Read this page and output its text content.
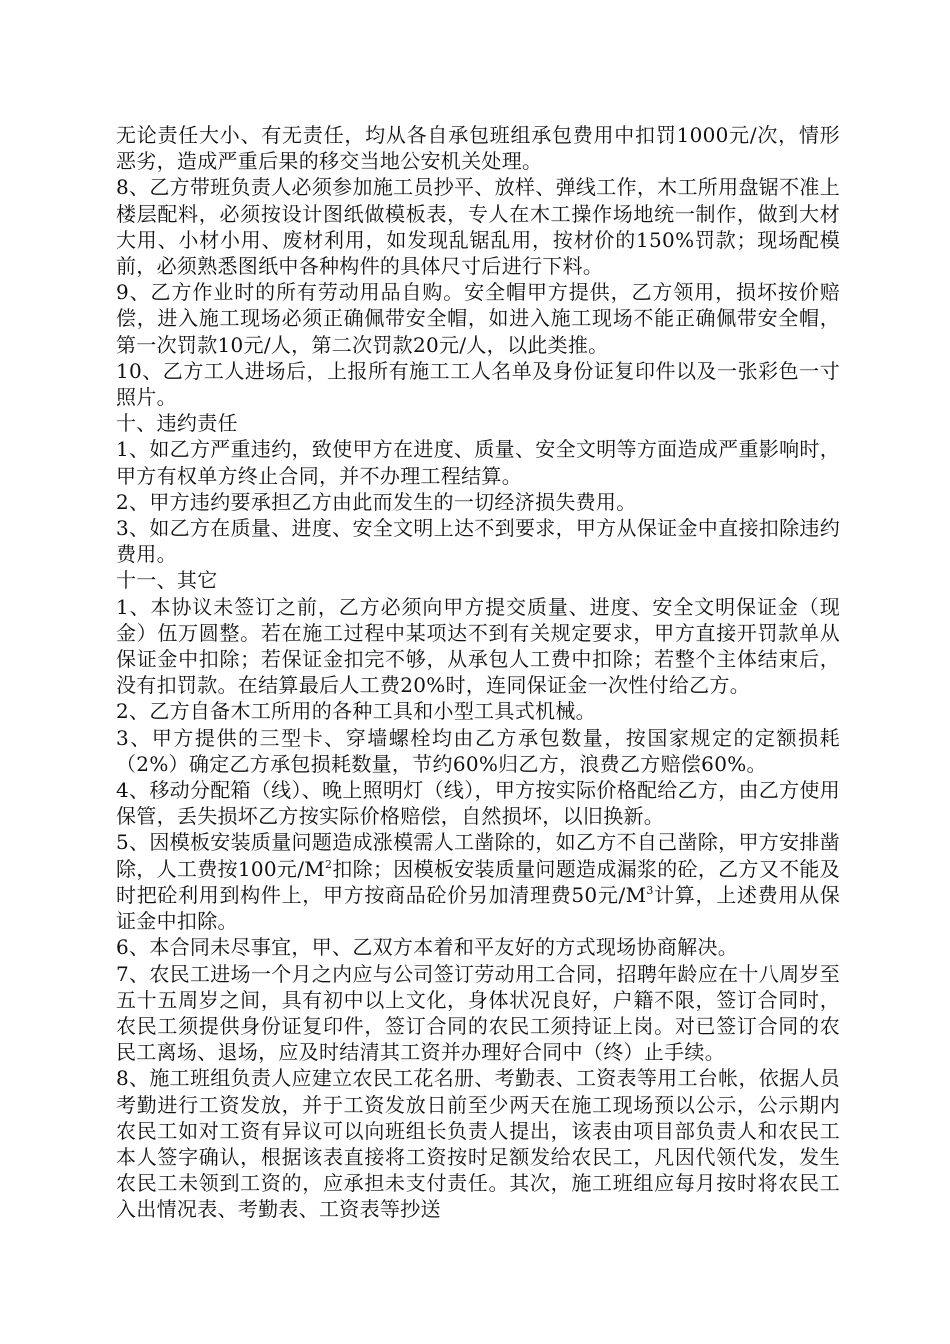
无论责任大小、有无责任，均从各自承包班组承包费用中扣罚1000元/次，情形恶劣，造成严重后果的移交当地公安机关处理。

8、乙方带班负责人必须参加施工员抄平、放样、弹线工作，木工所用盘锯不准上楼层配料，必须按设计图纸做模板表，专人在木工操作场地统一制作，做到大材大用、小材小用、废材利用，如发现乱锯乱用，按材价的150%罚款；现场配模前，必须熟悉图纸中各种构件的具体尺寸后进行下料。

9、乙方作业时的所有劳动用品自购。安全帽甲方提供，乙方领用，损坏按价赔偿，进入施工现场必须正确佩带安全帽，如进入施工现场不能正确佩带安全帽，第一次罚款10元/人，第二次罚款20元/人，以此类推。

10、乙方工人进场后，上报所有施工工人名单及身份证复印件以及一张彩色一寸照片。

十、违约责任

1、如乙方严重违约，致使甲方在进度、质量、安全文明等方面造成严重影响时，甲方有权单方终止合同，并不办理工程结算。

2、甲方违约要承担乙方由此而发生的一切经济损失费用。

3、如乙方在质量、进度、安全文明上达不到要求，甲方从保证金中直接扣除违约费用。

十一、其它

1、本协议未签订之前，乙方必须向甲方提交质量、进度、安全文明保证金（现金）伍万圆整。若在施工过程中某项达不到有关规定要求，甲方直接开罚款单从保证金中扣除；若保证金扣完不够，从承包人工费中扣除；若整个主体结束后，没有扣罚款。在结算最后人工费20%时，连同保证金一次性付给乙方。

2、乙方自备木工所用的各种工具和小型工具式机械。

3、甲方提供的三型卡、穿墙螺栓均由乙方承包数量，按国家规定的定额损耗（2%）确定乙方承包损耗数量，节约60%归乙方，浪费乙方赔偿60%。

4、移动分配箱（线）、晚上照明灯（线），甲方按实际价格配给乙方，由乙方使用保管，丢失损坏乙方按实际价格赔偿，自然损坏，以旧换新。

5、因模板安装质量问题造成涨模需人工凿除的，如乙方不自己凿除，甲方安排凿除，人工费按100元$/M^2$扣除；因模板安装质量问题造成漏浆的砼，乙方又不能及时把砼利用到构件上，甲方按商品砼价另加清理费50元$/M^3$计算，上述费用从保证金中扣除。

6、本合同未尽事宜，甲、乙双方本着和平友好的方式现场协商解决。

7、农民工进场一个月之内应与公司签订劳动用工合同，招聘年龄应在十八周岁至五十五周岁之间，具有初中以上文化，身体状况良好，户籍不限，签订合同时，农民工须提供身份证复印件，签订合同的农民工须持证上岗。对已签订合同的农民工离场、退场，应及时结清其工资并办理好合同中（终）止手续。

8、施工班组负责人应建立农民工花名册、考勤表、工资表等用工台帐，依据人员考勤进行工资发放，并于工资发放日前至少两天在施工现场预以公示，公示期内农民工如对工资有异议可以向班组长负责人提出，该表由项目部负责人和农民工本人签字确认，根据该表直接将工资按时足额发给农民工，凡因代领代发，发生农民工未领到工资的，应承担未支付责任。其次，施工班组应每月按时将农民工入出情况表、考勤表、工资表等抄送
